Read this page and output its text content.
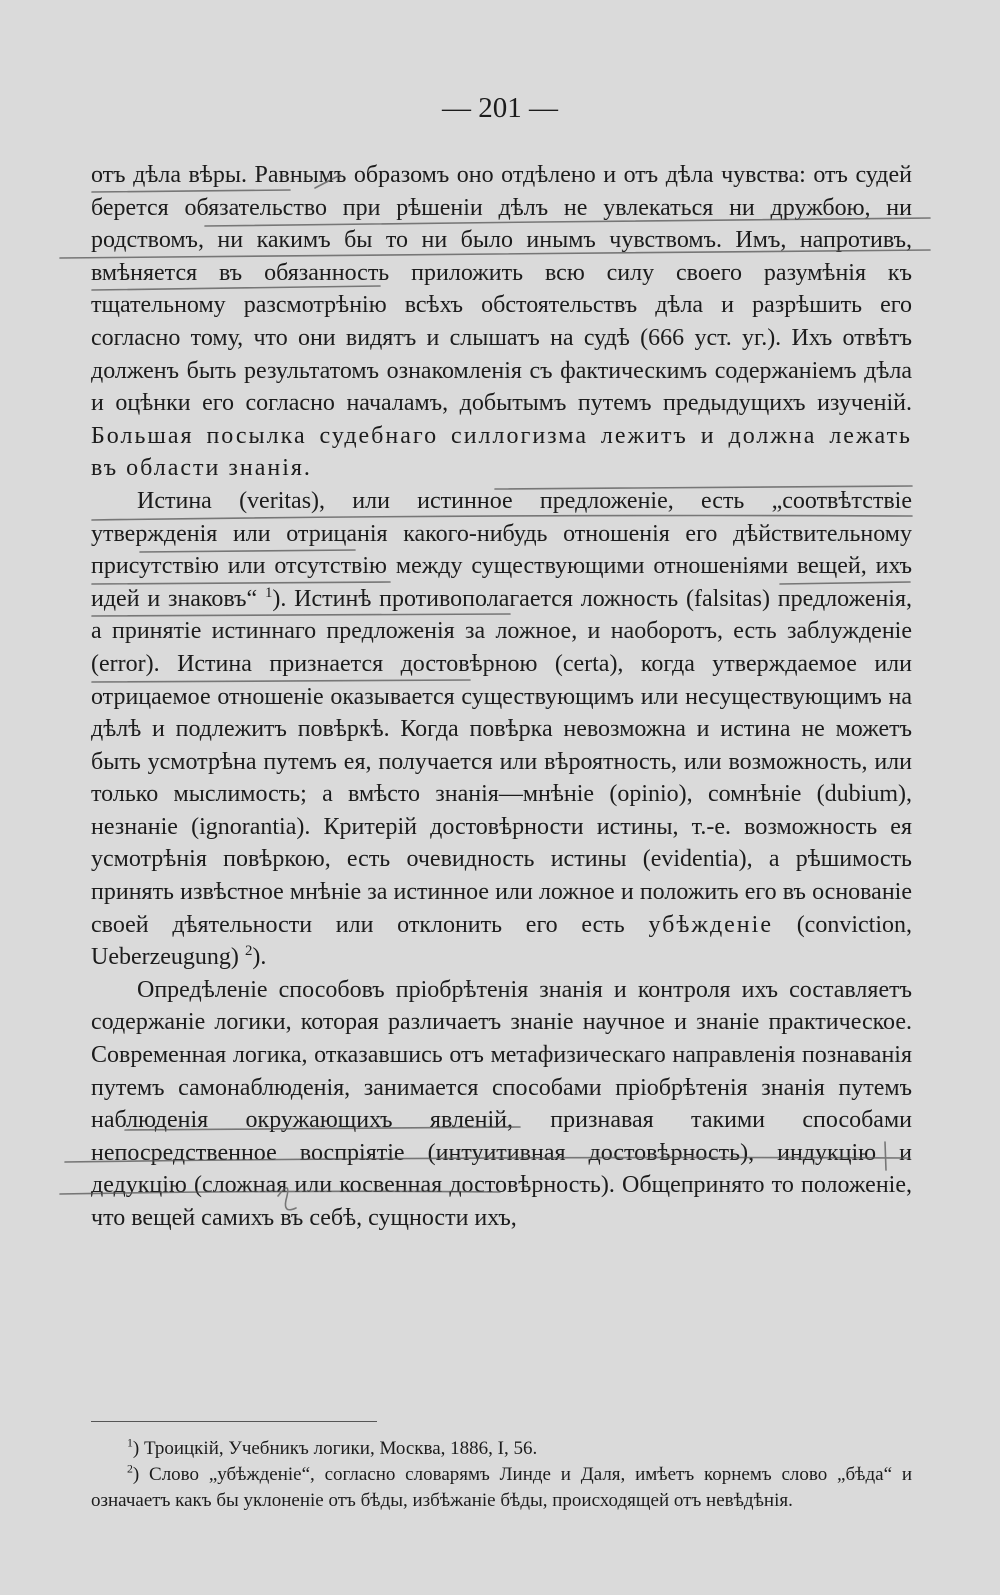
— 201 —

отъ дѣла вѣры. Равнымъ образомъ оно отдѣлено и отъ дѣла чувства: отъ судей берется обязательство при рѣшеніи дѣлъ не увлекаться ни дружбою, ни родствомъ, ни какимъ бы то ни было инымъ чувствомъ. Имъ, напротивъ, вмѣняется въ обязанность приложить всю силу своего разумѣнія къ тщательному разсмотрѣнію всѣхъ обстоятельствъ дѣла и разрѣшить его согласно тому, что они видятъ и слышатъ на судѣ (666 уст. уг.). Ихъ отвѣтъ долженъ быть результатомъ ознакомленія съ фактическимъ содержаніемъ дѣла и оцѣнки его согласно началамъ, добытымъ путемъ предыдущихъ изученій. Большая посылка судебнаго силлогизма лежитъ и должна лежать въ области знанія.

Истина (veritas), или истинное предложеніе, есть „соотвѣтствіе утвержденія или отрицанія какого-нибудь отношенія его дѣйствительному присутствію или отсутствію между существующими отношеніями вещей, ихъ идей и знаковъ“ $^1$). Истинѣ противополагается ложность (falsitas) предложенія, а принятіе истиннаго предложенія за ложное, и наоборотъ, есть заблужденіе (error). Истина признается достовѣрною (certa), когда утверждаемое или отрицаемое отношеніе оказывается существующимъ или несуществующимъ на дѣлѣ и подлежитъ повѣркѣ. Когда повѣрка невозможна и истина не можетъ быть усмотрѣна путемъ ея, получается или вѣроятность, или возможность, или только мыслимость; а вмѣсто знанія—мнѣніе (opinio), сомнѣніе (dubium), незнаніе (ignorantia). Критерій достовѣрности истины, т.-е. возможность ея усмотрѣнія повѣркою, есть очевидность истины (evidentia), а рѣшимость принять извѣстное мнѣніе за истинное или ложное и положить его въ основаніе своей дѣятельности или отклонить его есть убѣжденіе (conviction, Ueberzeugung) $^2$).

Опредѣленіе способовъ пріобрѣтенія знанія и контроля ихъ составляетъ содержаніе логики, которая различаетъ знаніе научное и знаніе практическое. Современная логика, отказавшись отъ метафизическаго направленія познаванія путемъ самонаблюденія, занимается способами пріобрѣтенія знанія путемъ наблюденія окружающихъ явленій, признавая такими способами непосредственное воспріятіе (интуитивная достовѣрность), индукцію и дедукцію (сложная или косвенная достовѣрность). Общепринято то положеніе, что вещей самихъ въ себѣ, сущности ихъ,

$^1$) Троицкій, Учебникъ логики, Москва, 1886, I, 56.

$^2$) Слово „убѣжденіе“, согласно словарямъ Линде и Даля, имѣетъ корнемъ слово „бѣда“ и означаетъ какъ бы уклоненіе отъ бѣды, избѣжаніе бѣды, происходящей отъ невѣдѣнія.
